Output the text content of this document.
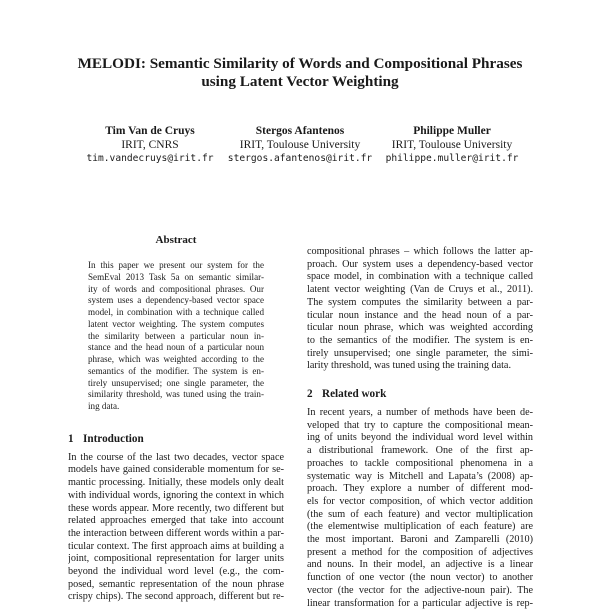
MELODI: Semantic Similarity of Words and Compositional Phrases
using Latent Vector Weighting
Tim Van de Cruys
IRIT, CNRS
tim.vandecruys@irit.fr
Stergos Afantenos
IRIT, Toulouse University
stergos.afantenos@irit.fr
Philippe Muller
IRIT, Toulouse University
philippe.muller@irit.fr
Abstract
In this paper we present our system for the
SemEval 2013 Task 5a on semantic similar-
ity of words and compositional phrases. Our
system uses a dependency-based vector space
model, in combination with a technique called
latent vector weighting. The system computes
the similarity between a particular noun in-
stance and the head noun of a particular noun
phrase, which was weighted according to the
semantics of the modifier. The system is en-
tirely unsupervised; one single parameter, the
similarity threshold, was tuned using the train-
ing data.
1 Introduction
In the course of the last two decades, vector space
models have gained considerable momentum for se-
mantic processing. Initially, these models only dealt
with individual words, ignoring the context in which
these words appear. More recently, two different but
related approaches emerged that take into account
the interaction between different words within a par-
ticular context. The first approach aims at building a
joint, compositional representation for larger units
beyond the individual word level (e.g., the com-
posed, semantic representation of the noun phrase
crispy chips). The second approach, different but re-
compositional phrases – which follows the latter ap-
proach. Our system uses a dependency-based vector
space model, in combination with a technique called
latent vector weighting (Van de Cruys et al., 2011).
The system computes the similarity between a par-
ticular noun instance and the head noun of a par-
ticular noun phrase, which was weighted according
to the semantics of the modifier. The system is en-
tirely unsupervised; one single parameter, the simi-
larity threshold, was tuned using the training data.
2 Related work
In recent years, a number of methods have been de-
veloped that try to capture the compositional mean-
ing of units beyond the individual word level within
a distributional framework. One of the first ap-
proaches to tackle compositional phenomena in a
systematic way is Mitchell and Lapata’s (2008) ap-
proach. They explore a number of different mod-
els for vector composition, of which vector addition
(the sum of each feature) and vector multiplication
(the elementwise multiplication of each feature) are
the most important. Baroni and Zamparelli (2010)
present a method for the composition of adjectives
and nouns. In their model, an adjective is a linear
function of one vector (the noun vector) to another
vector (the vector for the adjective-noun pair). The
linear transformation for a particular adjective is rep-
